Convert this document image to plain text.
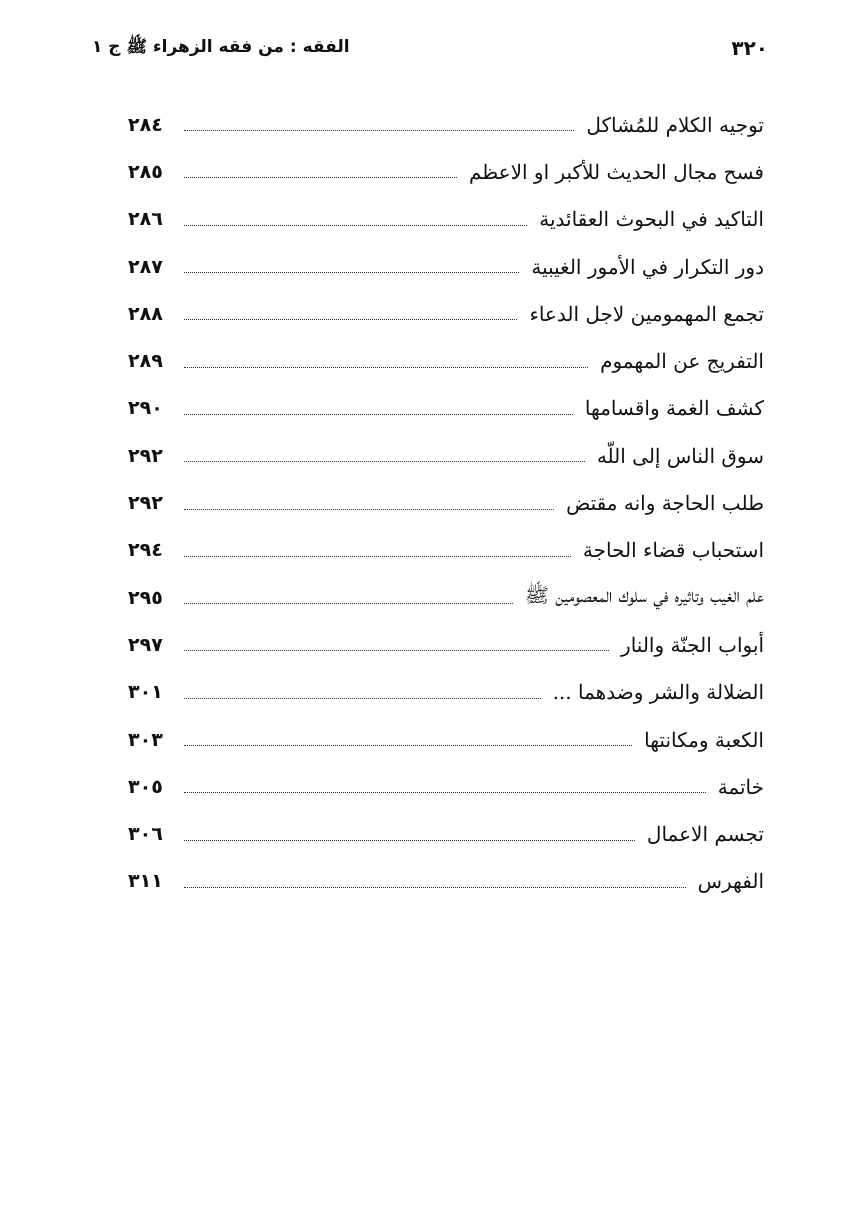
٣٢٠
الفقه : من فقه الزهراء ﷺ ج ١
توجيه الكلام للمُشاكل
٢٨٤
فسح مجال الحديث للأكبر او الاعظم
٢٨٥
التاكيد في البحوث العقائدية
٢٨٦
دور التكرار في الأمور الغيبية
٢٨٧
تجمع المهمومين لاجل الدعاء
٢٨٨
التفريج عن المهموم
٢٨٩
كشف الغمة واقسامها
٢٩٠
سوق الناس إلى اللّه
٢٩٢
طلب الحاجة وانه مقتض
٢٩٢
استحباب قضاء الحاجة
٢٩٤
علم الغيب وتاثيره في سلوك المعصومين ﷺ
٢٩٥
أبواب الجنّة والنار
٢٩٧
الضلالة والشر وضدهما ...
٣٠١
الكعبة ومكانتها
٣٠٣
خاتمة
٣٠٥
تجسم الاعمال
٣٠٦
الفهرس
٣١١
